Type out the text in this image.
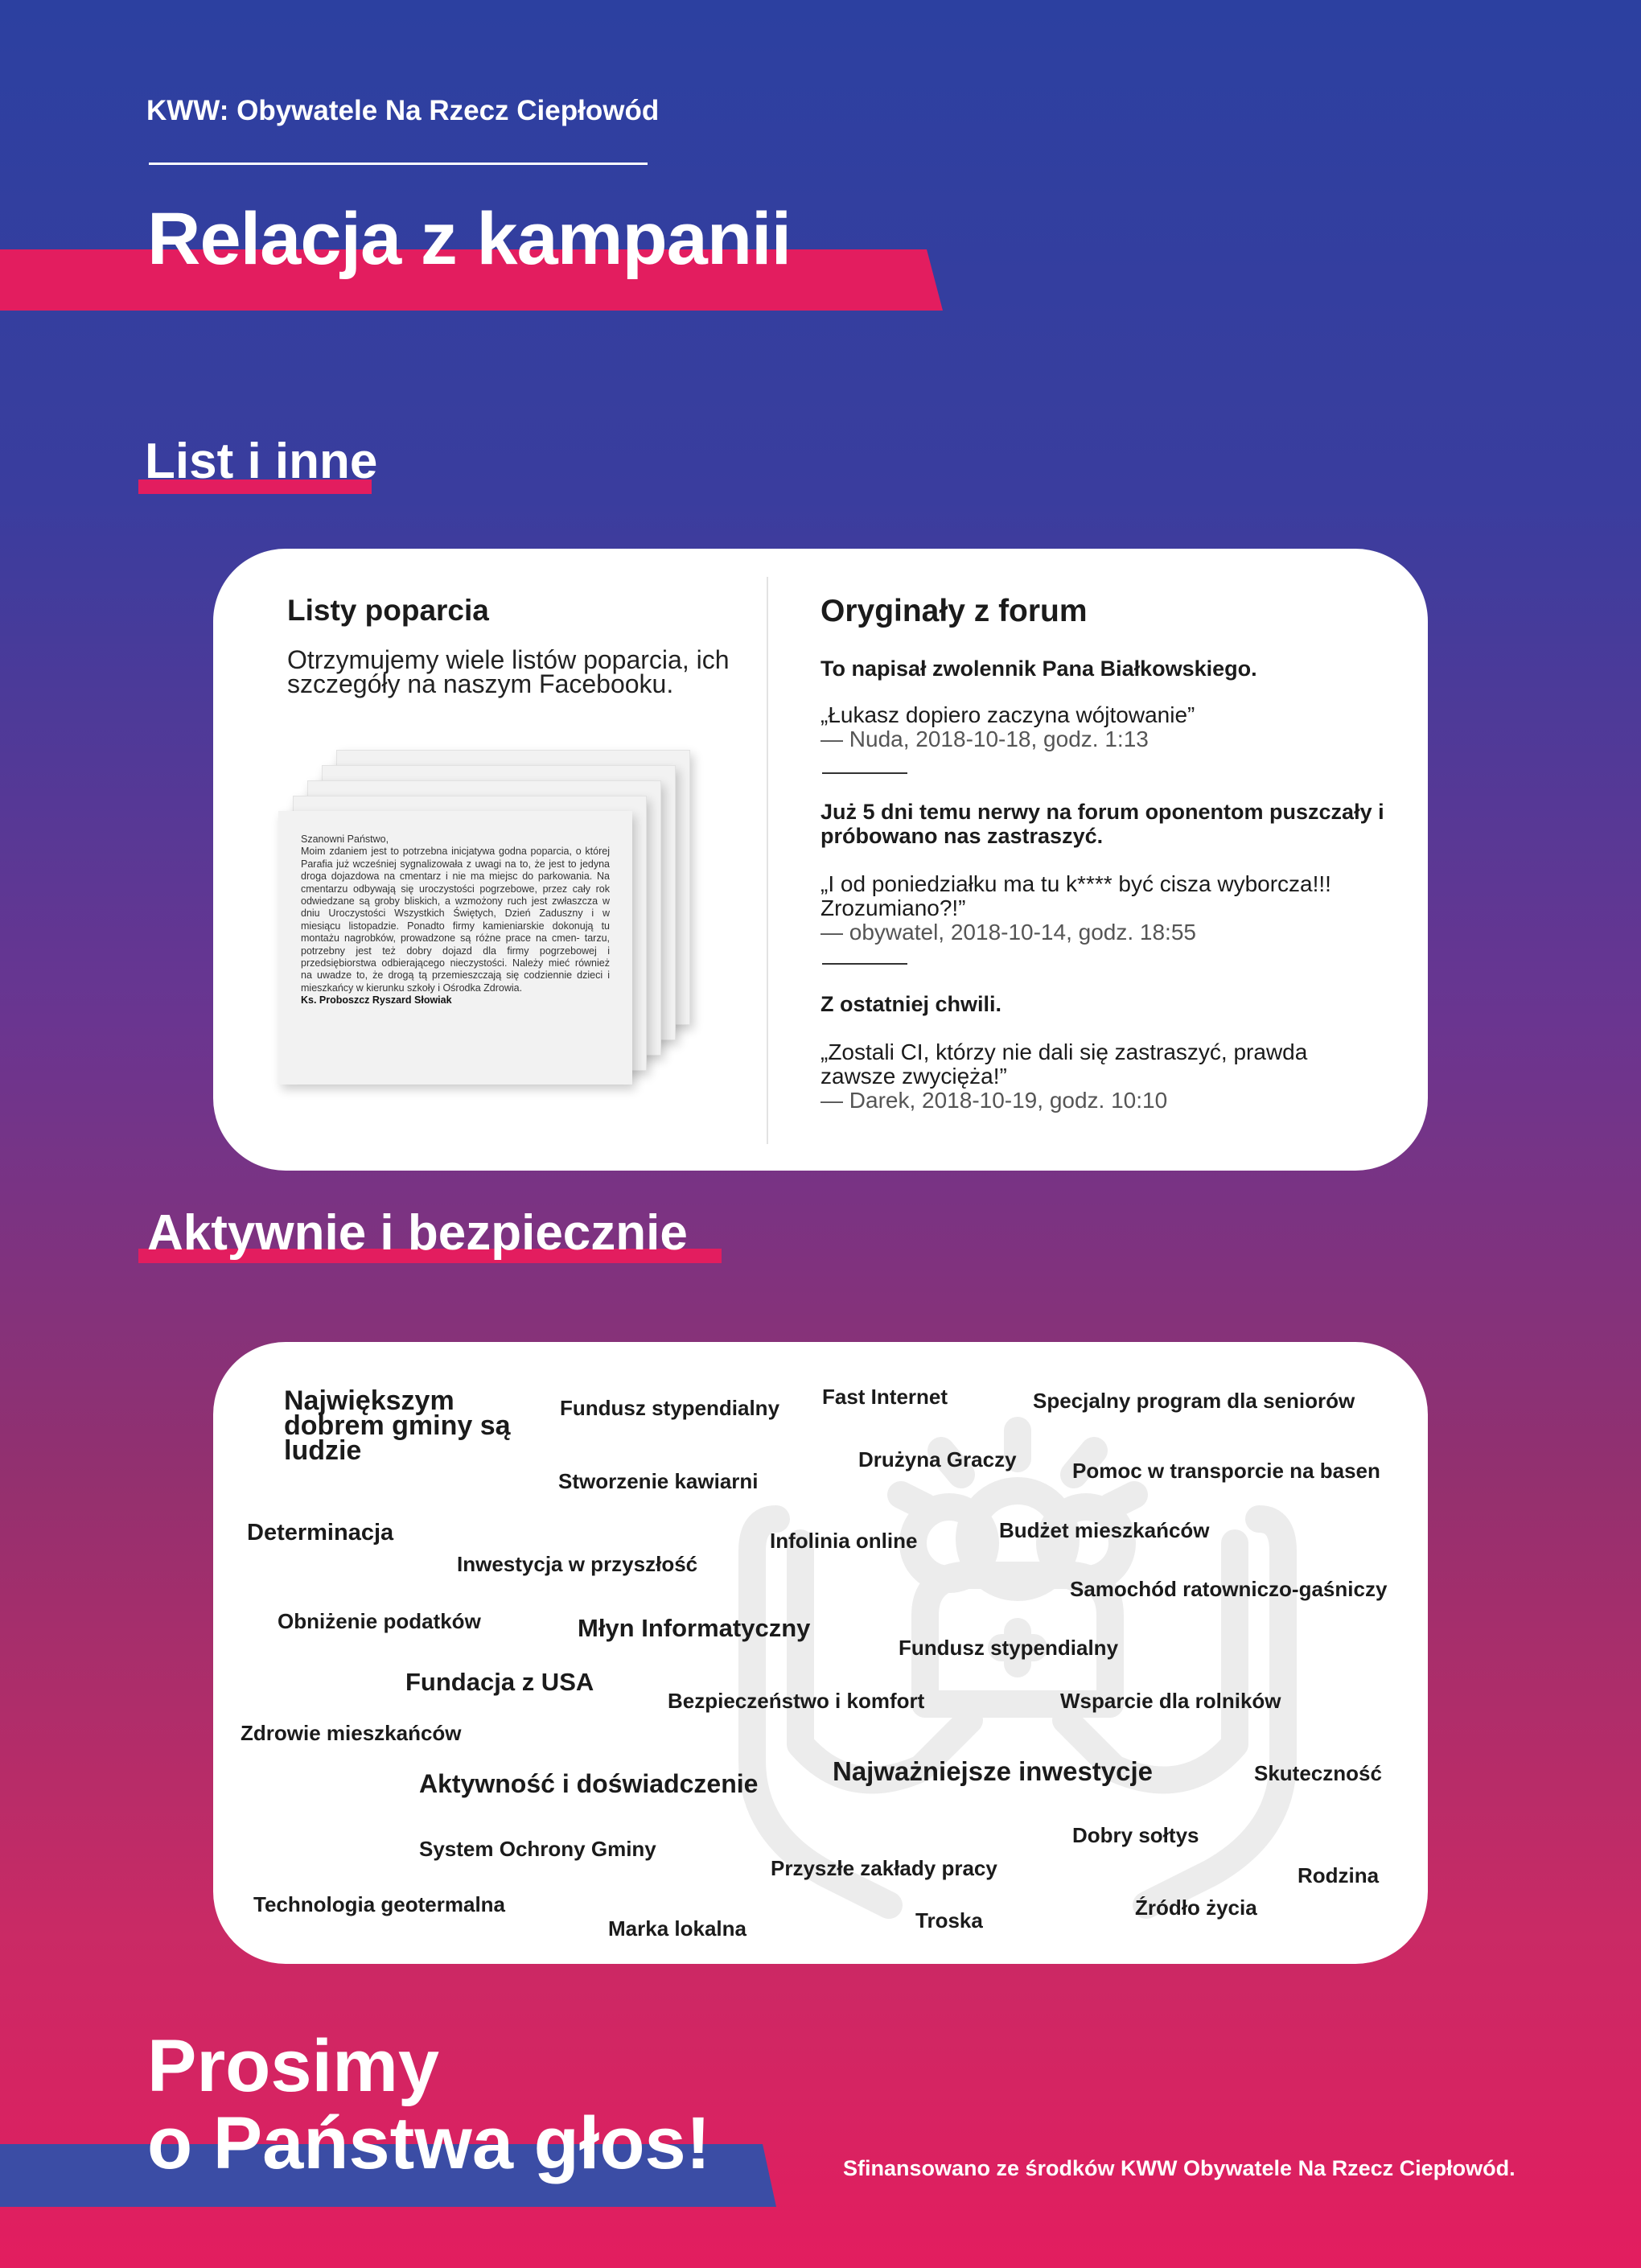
KWW: Obywatele Na Rzecz Ciepłowód
Relacja z kampanii
List i inne
Listy poparcia
Otrzymujemy wiele listów poparcia, ich szczegóły na naszym Facebooku.

Szanowni Państwo,

Moim zdaniem jest to potrzebna inicjatywa godna poparcia, o której Parafia już wcześniej sygnalizowała z uwagi na to, że jest to jedyna droga dojazdowa na cmentarz i nie ma miejsc do parkowania. Na cmentarzu odbywają się uroczystości pogrzebowe, przez cały rok odwiedzane są groby bliskich, a wzmożony ruch jest zwłaszcza w dniu Uroczystości Wszystkich Świętych, Dzień Zaduszny i w miesiącu listopadzie. Ponadto firmy kamieniarskie dokonują tu montażu nagrobków, prowadzone są różne prace na cmen- tarzu, potrzebny jest też dobry dojazd dla firmy pogrzebowej i przedsiębiorstwa odbierającego nieczystości. Należy mieć również na uwadze to, że drogą tą przemieszczają się codziennie dzieci i mieszkańcy w kierunku szkoły i Ośrodka Zdrowia.

Ks. Proboszcz Ryszard Słowiak

Oryginały z forum
To napisał zwolennik Pana Białkowskiego.
„Łukasz dopiero zaczyna wójtowanie”
— Nuda, 2018-10-18, godz. 1:13
Już 5 dni temu nerwy na forum oponentom puszczały i próbowano nas zastraszyć.
„I od poniedziałku ma tu k**** być cisza wyborcza!!! Zrozumiano?!”
— obywatel, 2018-10-14, godz. 18:55
Z ostatniej chwili.
„Zostali CI, którzy nie dali się zastraszyć, prawda zawsze zwycięża!”
— Darek, 2018-10-19, godz. 10:10
Aktywnie i bezpiecznie
Największym dobrem gminy są ludzie
Fundusz stypendialny Fast Internet	Specjalny program dla seniorów
Drużyna Graczy
Stworzenie kawiarni	Pomoc w transporcie na basen
Determinacja	Budżet mieszkańców
Infolinia online
Inwestycja w przyszłość
Samochód ratowniczo-gaśniczy
Obniżenie podatków	Młyn Informatyczny
Fundusz stypendialny
Fundacja z USA
Bezpieczeństwo i komfort	Wsparcie dla rolników
Zdrowie mieszkańców
Najważniejsze inwestycje
Aktywność i doświadczenie	Skuteczność
Dobry sołtys
System Ochrony Gminy
Przyszłe zakłady pracy	Rodzina
Technologia geotermalna	Źródło życia
Troska
Marka lokalna
Prosimy
o Państwa głos!	Sfinansowano ze środków KWW Obywatele Na Rzecz Ciepłowód.
